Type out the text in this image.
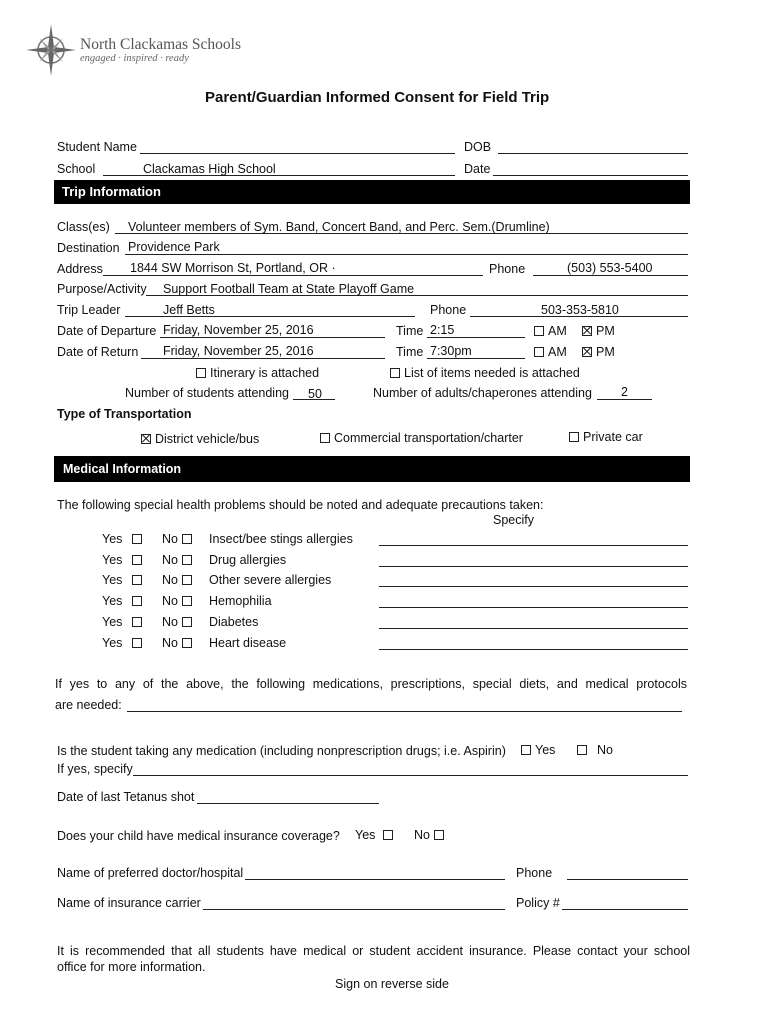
North Clackamas Schools
engaged · inspired · ready
Parent/Guardian Informed Consent for Field Trip
Student Name	DOB
School	Clackamas High School	Date
Trip Information
Class(es) Volunteer members of Sym. Band, Concert Band, and Perc. Sem.(Drumline)
Destination Providence Park
Address 1844 SW Morrison St, Portland, OR ·	Phone	(503) 553-5400
Purpose/Activity Support Football Team at State Playoff Game
Trip Leader	Jeff Betts	Phone	503-353-5810
Date of Departure Friday, November 25, 2016	Time 2:15	AM	PM
Date of Return Friday, November 25, 2016	Time 7:30pm	AM	PM
Itinerary is attached	List of items needed is attached
Number of students attending 50	Number of adults/chaperones attending 2
Type of Transportation
District vehicle/bus	Commercial transportation/charter	Private car
Medical Information
The following special health problems should be noted and adequate precautions taken:
Specify
Yes	No	Insect/bee stings allergies
Yes	No	Drug allergies
Yes	No	Other severe allergies
Yes	No	Hemophilia
Yes	No	Diabetes
Yes	No	Heart disease
If yes to any of the above, the following medications, prescriptions, special diets, and medical protocols
are needed:
Is the student taking any medication (including nonprescription drugs; i.e. Aspirin)	Yes	No
If yes, specify
Date of last Tetanus shot
Does your child have medical insurance coverage? Yes	No
Name of preferred doctor/hospital	Phone
Name of insurance carrier	Policy #
It is recommended that all students have medical or student accident insurance. Please contact your school
office for more information.
Sign on reverse side
